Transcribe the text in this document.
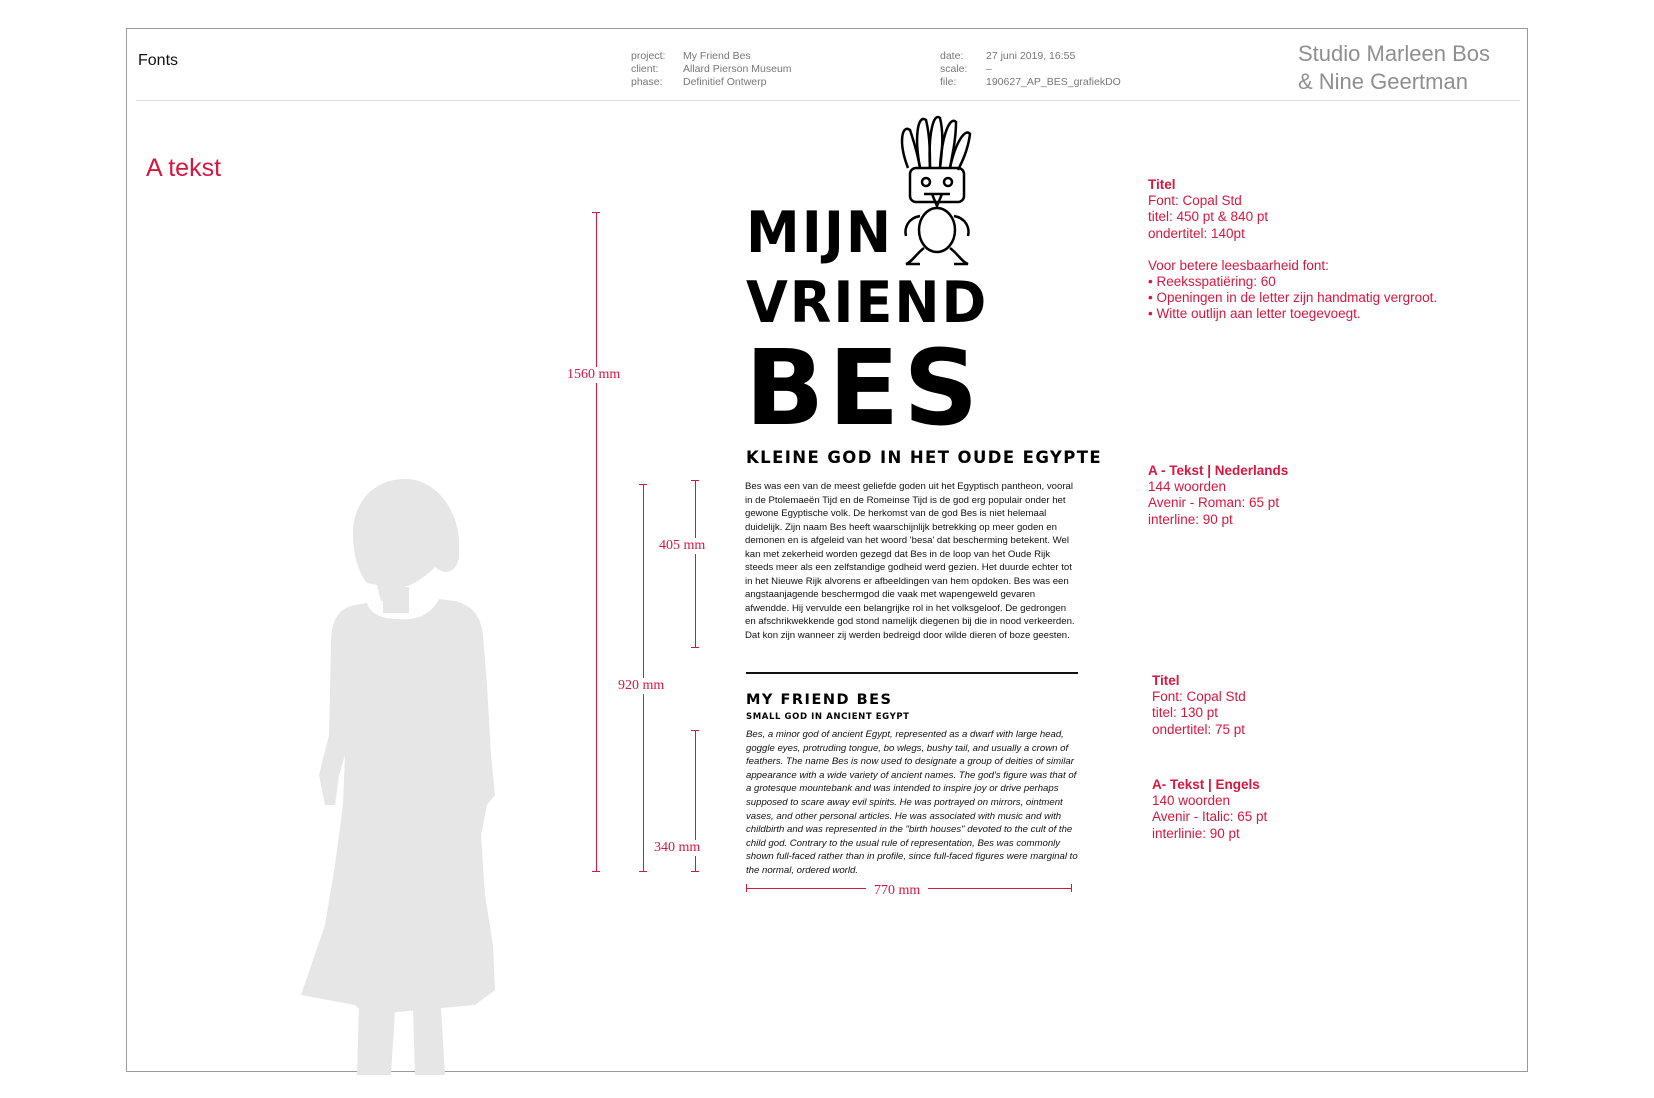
Fonts	project: My Friend Bes
client: Allard Pierson Museum
phase: Definitief Ontwerp
date: 27 juni 2019, 16:55
scale: –
file:	190627_AP_BES_grafiekDO
Studio Marleen Bos
& Nine Geertman
A tekst
1560 mm
920 mm
405 mm
340 mm
770 mm
MIJN
VRIEND
BES
KLEINE GOD IN HET OUDE EGYPTE
Bes was een van de meest geliefde goden uit het Egyptisch pantheon, vooral in de Ptolemaeën Tijd en de Romeinse Tijd is de god erg populair onder het gewone Egyptische volk. De herkomst van de god Bes is niet helemaal duidelijk. Zijn naam Bes heeft waarschijnlijk betrekking op meer goden en demonen en is afgeleid van het woord 'besa' dat bescherming betekent. Wel kan met zekerheid worden gezegd dat Bes in de loop van het Oude Rijk steeds meer als een zelfstandige godheid werd gezien. Het duurde echter tot in het Nieuwe Rijk alvorens er afbeeldingen van hem opdoken. Bes was een angstaanjagende beschermgod die vaak met wapengeweld gevaren afwendde. Hij vervulde een belangrijke rol in het volksgeloof. De gedrongen en afschrikwekkende god stond namelijk diegenen bij die in nood verkeerden. Dat kon zijn wanneer zij werden bedreigd door wilde dieren of boze geesten.
MY FRIEND BES
SMALL GOD IN ANCIENT EGYPT
Bes, a minor god of ancient Egypt, represented as a dwarf with large head, goggle eyes, protruding tongue, bo wlegs, bushy tail, and usually a crown of feathers. The name Bes is now used to designate a group of deities of similar appearance with a wide variety of ancient names. The god's figure was that of a grotesque mountebank and was intended to inspire joy or drive perhaps supposed to scare away evil spirits. He was portrayed on mirrors, ointment vases, and other personal articles. He was associated with music and with childbirth and was represented in the "birth houses" devoted to the cult of the child god. Contrary to the usual rule of representation, Bes was commonly shown full-faced rather than in profile, since full-faced figures were marginal to the normal, ordered world.
Titel
Font: Copal Std
titel: 450 pt & 840 pt
ondertitel: 140pt
Voor betere leesbaarheid font:
• Reeksspatiëring: 60
• Openingen in de letter zijn handmatig vergroot.
• Witte outlijn aan letter toegevoegt.
A - Tekst | Nederlands
144 woorden
Avenir - Roman: 65 pt
interline: 90 pt
Titel
Font: Copal Std
titel: 130 pt
ondertitel: 75 pt
A- Tekst | Engels
140 woorden
Avenir - Italic: 65 pt
interlinie: 90 pt
